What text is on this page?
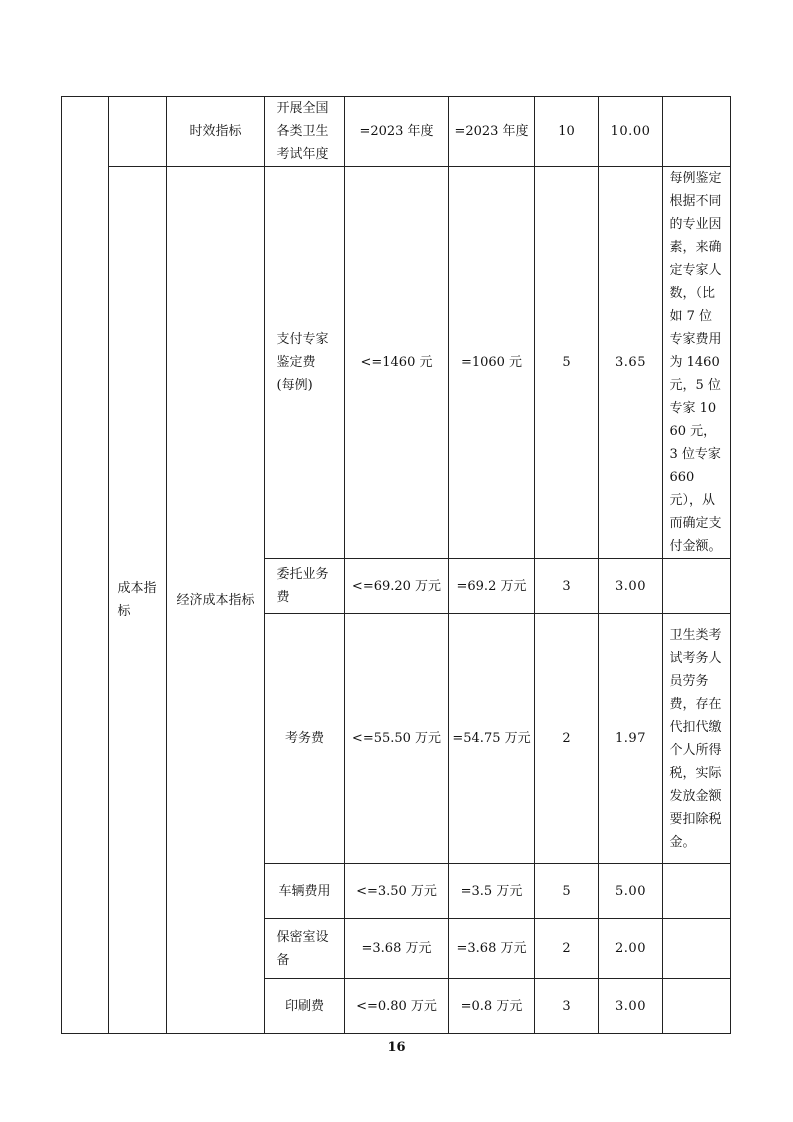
		时效指标	开展全国各类卫生考试年度	=2023 年度	=2023 年度	10	10.00	

	成本指标	经济成本指标	支付专家鉴定费(每例)	<=1460 元	=1060 元	5	3.65	每例鉴定根据不同的专业因素，来确定专家人数，（比如 7 位专家费用为 1460 元，5 位专家 1060 元，3 位专家 660 元），从而确定支付金额。

			委托业务费	<=69.20 万元	=69.2 万元	3	3.00	
			考务费	<=55.50 万元	=54.75 万元	2	1.97	卫生类考试考务人员劳务费，存在代扣代缴个人所得税，实际发放金额要扣除税金。

			车辆费用	<=3.50 万元	=3.5 万元	5	5.00	

			保密室设备	=3.68 万元	=3.68 万元	2	2.00	
			印刷费	<=0.80 万元	=0.8 万元	3	3.00	
16
